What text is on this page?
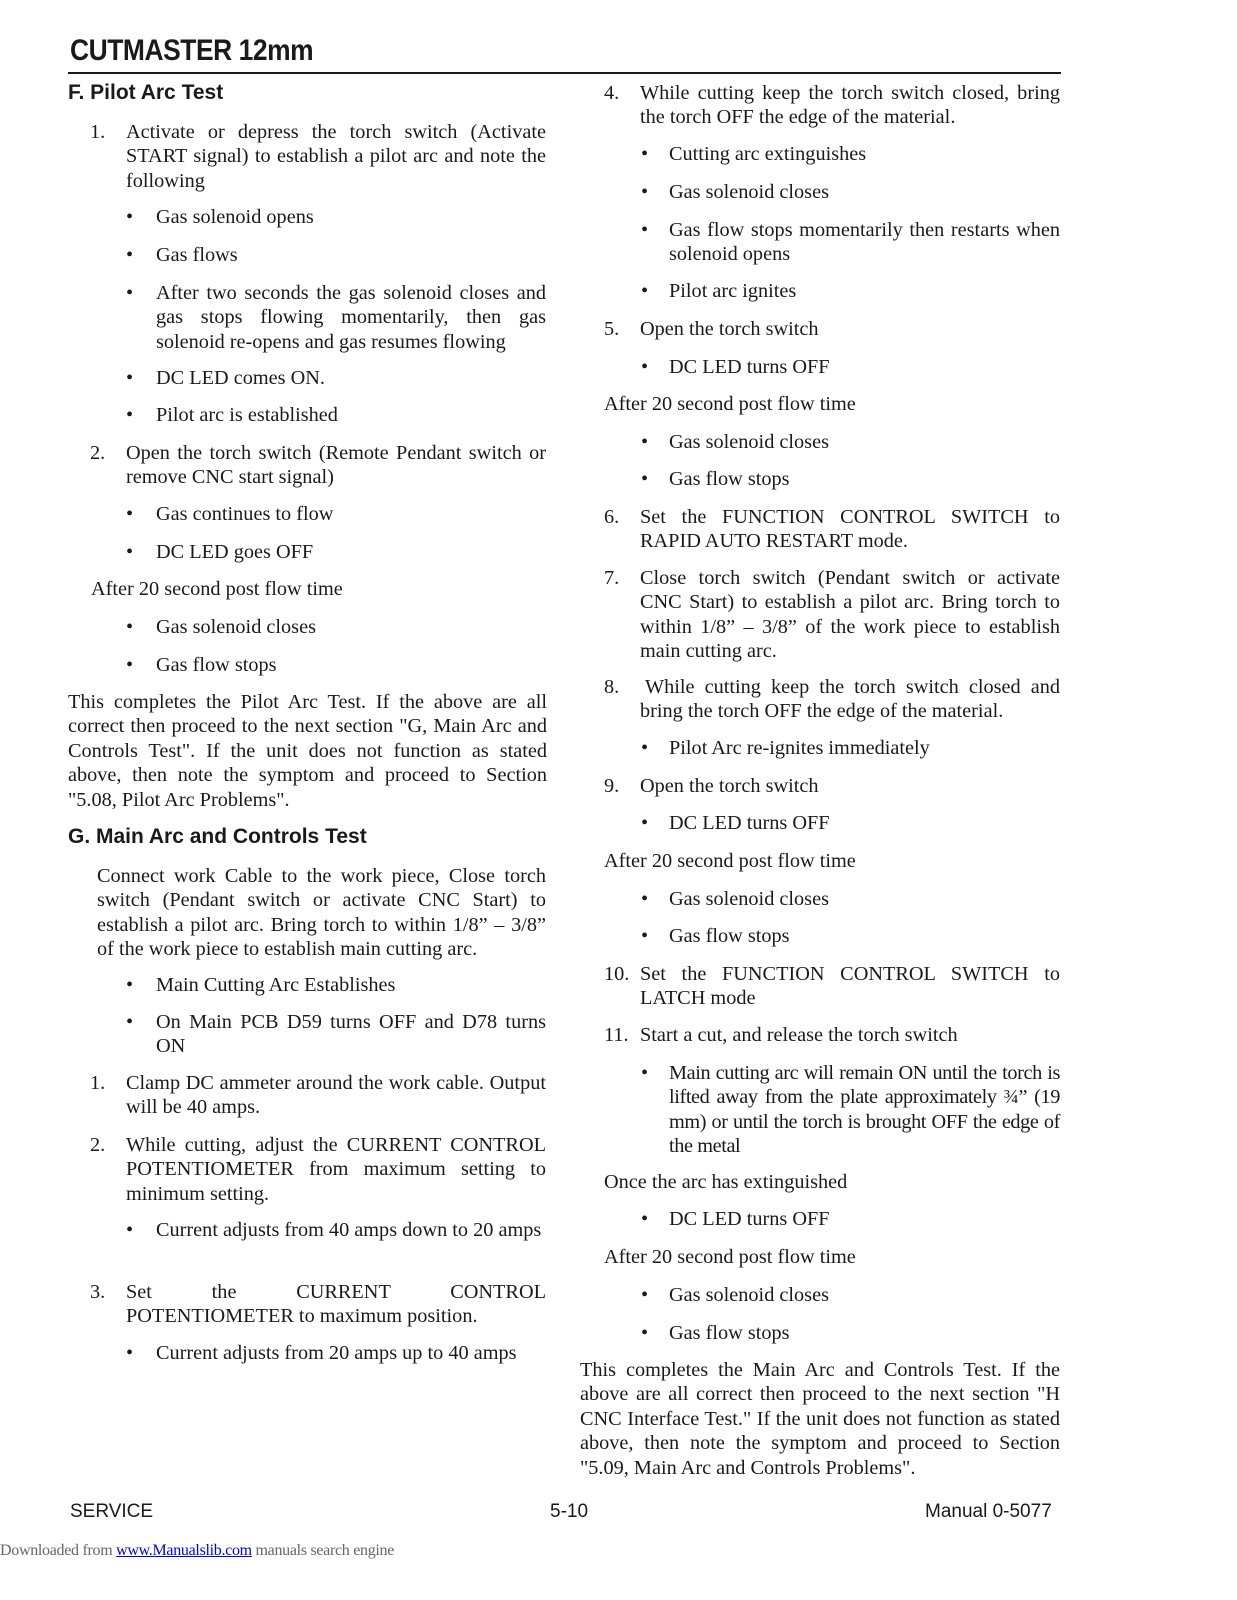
CUTMASTER 12mm
F. Pilot Arc Test
1. Activate or depress the torch switch (Activate START signal) to establish a pilot arc and note the following
• Gas solenoid opens
• Gas flows
• After two seconds the gas solenoid closes and gas stops flowing momentarily, then gas solenoid re-opens and gas resumes flowing
• DC LED comes ON.
• Pilot arc is established
2. Open the torch switch (Remote Pendant switch or remove CNC start signal)
• Gas continues to flow
• DC LED goes OFF
After 20 second post flow time
• Gas solenoid closes
• Gas flow stops
This completes the Pilot Arc Test. If the above are all correct then proceed to the next section "G, Main Arc and Controls Test". If the unit does not function as stated above, then note the symptom and proceed to Section "5.08, Pilot Arc Problems".
G. Main Arc and Controls Test
Connect work Cable to the work piece, Close torch switch (Pendant switch or activate CNC Start) to establish a pilot arc. Bring torch to within 1/8” – 3/8” of the work piece to establish main cutting arc.
• Main Cutting Arc Establishes
• On Main PCB D59 turns OFF and D78 turns ON
1. Clamp DC ammeter around the work cable. Output will be 40 amps.
2. While cutting, adjust the CURRENT CONTROL POTENTIOMETER from maximum setting to minimum setting.
• Current adjusts from 40 amps down to 20 amps
3. Set the CURRENT CONTROL POTENTIOMETER to maximum position.
• Current adjusts from 20 amps up to 40 amps
4. While cutting keep the torch switch closed, bring the torch OFF the edge of the material.
• Cutting arc extinguishes
• Gas solenoid closes
• Gas flow stops momentarily then restarts when solenoid opens
• Pilot arc ignites
5. Open the torch switch
• DC LED turns OFF
After 20 second post flow time
• Gas solenoid closes
• Gas flow stops
6. Set the FUNCTION CONTROL SWITCH to RAPID AUTO RESTART mode.
7. Close torch switch (Pendant switch or activate CNC Start) to establish a pilot arc. Bring torch to within 1/8” – 3/8” of the work piece to establish main cutting arc.
8. While cutting keep the torch switch closed and bring the torch OFF the edge of the material.
• Pilot Arc re-ignites immediately
9. Open the torch switch
• DC LED turns OFF
After 20 second post flow time
• Gas solenoid closes
• Gas flow stops
10. Set the FUNCTION CONTROL SWITCH to LATCH mode
11. Start a cut, and release the torch switch
• Main cutting arc will remain ON until the torch is lifted away from the plate approximately ¾” (19 mm) or until the torch is brought OFF the edge of the metal
Once the arc has extinguished
• DC LED turns OFF
After 20 second post flow time
• Gas solenoid closes
• Gas flow stops
This completes the Main Arc and Controls Test. If the above are all correct then proceed to the next section "H CNC Interface Test." If the unit does not function as stated above, then note the symptom and proceed to Section "5.09, Main Arc and Controls Problems".
SERVICE	5-10	Manual 0-5077
Downloaded from www.Manualslib.com manuals search engine
